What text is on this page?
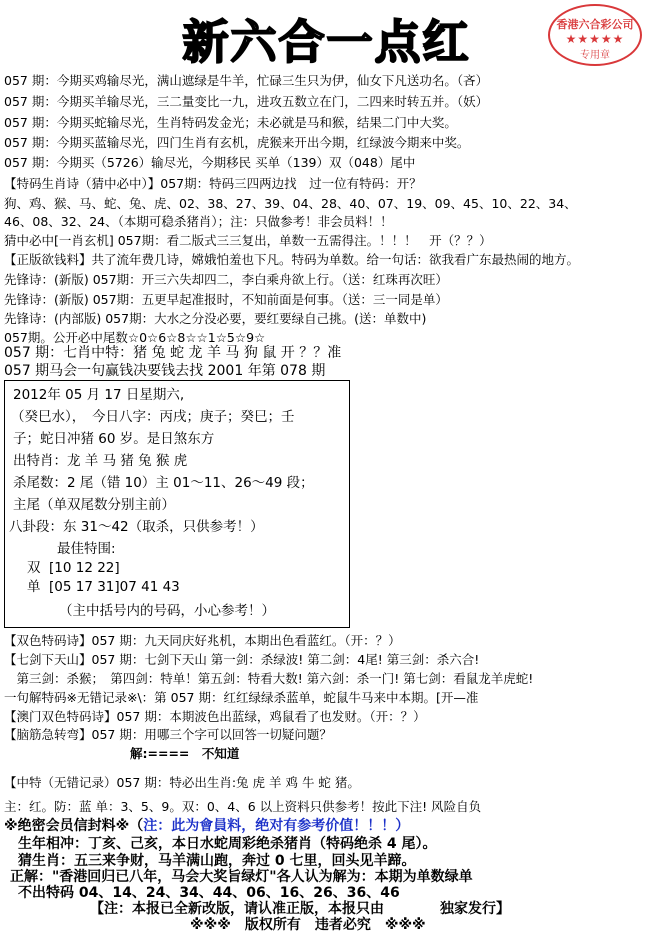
新六合一点红	香港六合彩公司
★★★★★
专用章
057 期：今期买鸡输尽光，满山遮绿是牛羊，忙碌三生只为伊，仙女下凡送功名。（吝）
057 期：今期买羊输尽光，三二量变比一九，进攻五数立在门，二四来时转五并。（妖）
057 期：今期买蛇输尽光，生肖特码发金光；未必就是马和猴，结果二门中大奖。
057 期：今期买蓝输尽光，四门生肖有玄机，虎猴来开出今期，红绿波今期来中奖。
057 期：今期买（5726）输尽光，今期移民 买单（139）双（048）尾中
【特码生肖诗（猜中必中）】057期：特码三四两边找　过一位有特码：开？
狗、鸡、猴、马、蛇、兔、虎、02、38、27、39、04、28、40、07、19、09、45、10、22、34、
46、08、32、24、（本期可稳杀猪肖）；注：只做参考！非会员料！！
猜中必中[一肖玄机] 057期：看二版式三三复出，单数一五需得注。！！！　开（？？）
【正版欲钱料】共了流年费几诗，嫦娥怕羞也下凡。特码为单数。给一句话：欲我看广东最热闹的地方。
先锋诗：(新版) 057期：开三六失却四二，李白乘舟欲上行。（送：红珠再次旺）
先锋诗：(新版) 057期：五更早起准报时，不知前面是何事。（送：三一同是单）
先锋诗：(内部版) 057期：大水之分没必要，要红要绿自己挑。(送：单数中)
057期。公开必中尾数☆0☆6☆8☆☆1☆5☆9☆
057 期：七肖中特：猪 兔 蛇 龙 羊 马 狗 鼠 开 ？？准
057 期马会一句赢钱决要钱去找 2001 年第 078 期
2012年 05 月 17 日星期六,
（癸巳水），　今日八字：丙戌；庚子；癸巳；壬
子；蛇日冲猪 60 岁。是日煞东方
出特肖：龙 羊 马 猪 兔 猴 虎
杀尾数：2 尾（错 10）主 01～11、26～49 段；
主尾（单双尾数分别主前）
八卦段：东 31～42（取杀，只供参考！）
最佳特围:
双 [10 12 22]
单 [05 17 31]07 41 43
（主中括号内的号码，小心参考！）
【双色特码诗】057 期：九天同庆好兆机，本期出色看蓝红。（开：？）
【七剑下天山】057 期：七剑下天山 第一剑：杀绿波! 第二剑：4尾! 第三剑：杀六合!
　第三剑：杀猴；　第四剑：特单！第五剑：特看大数! 第六剑：杀一门! 第七剑：看鼠龙羊虎蛇!
一句解特码※无错记录※\：第 057 期：红红绿绿杀蓝单，蛇鼠牛马来中本期。[开—准
【澳门双色特码诗】057 期：本期波色出蓝绿，鸡鼠看了也发财。（开：？）
【脑筋急转弯】057 期：用哪三个字可以回答一切疑问题？
解:====　不知道
【中特（无错记录）057 期：特必出生肖:兔 虎 羊 鸡 牛 蛇 猪。
主：红。防：蓝 单：3、5、9。双：0、4、6 以上资料只供参考！按此下注! 风险自负
※绝密会员信封料※（注：此为會員料，绝对有参考价值！！！）
生年相冲：丁亥、己亥，本日水蛇周彩绝杀猪肖（特码绝杀 4 尾）。
猜生肖：五三来争财，马羊满山跑，奔过 0 七里，回头见羊蹄。
正解："香港回归已八年，马会大奖旨绿灯"各人认为解为：本期为单数绿单
不出特码 04、14、24、34、44、06、16、26、36、46
【注：本报已全新改版，请认准正版，本报只由　　　　独家发行】
※※※　版权所有　违者必究　※※※
